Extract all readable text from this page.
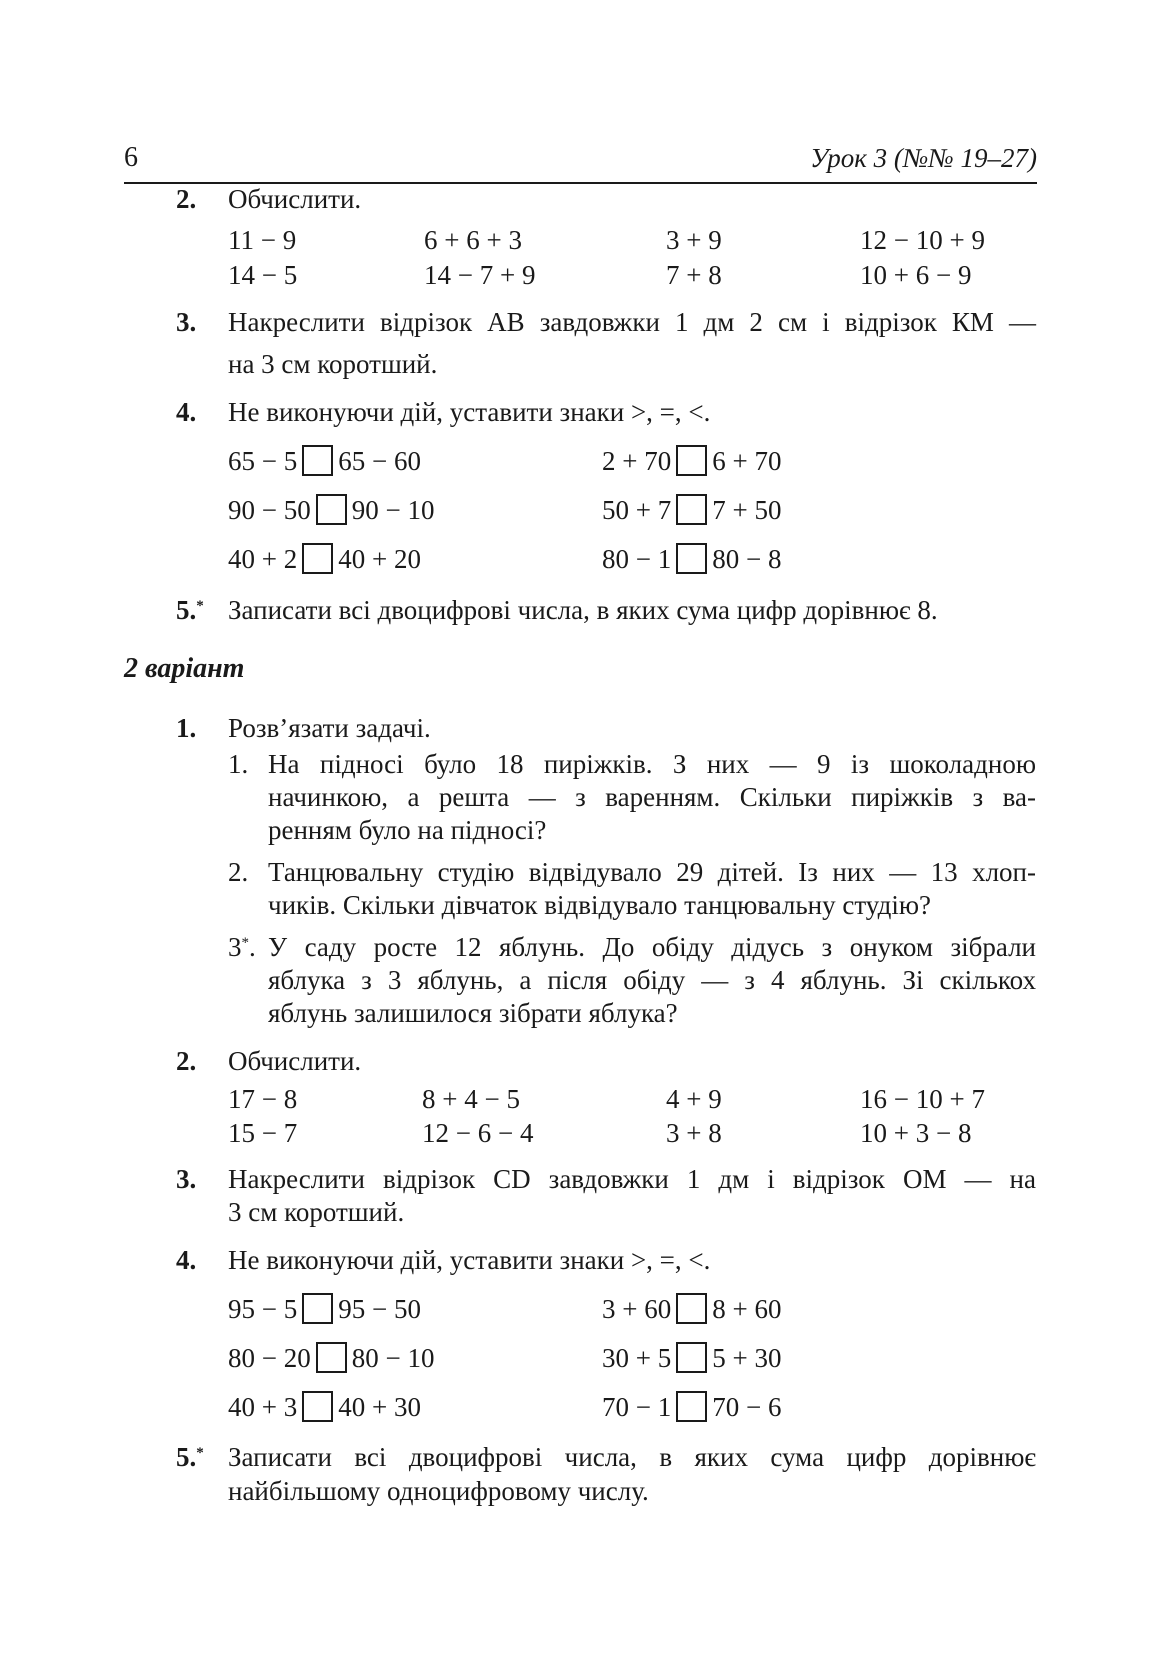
6	Урок 3 (№№ 19–27)
2. Обчислити.
11 − 9	6 + 6 + 3	3 + 9	12 − 10 + 9
14 − 5	14 − 7 + 9	7 + 8	10 + 6 − 9
3. Накреслити відрізок АВ завдовжки 1 дм 2 см і відрізок КМ —
на 3 см коротший.
4. Не виконуючи дій, уставити знаки >, =, <.
65 − 5 65 − 60	2 + 70 6 + 70
90 − 50 90 − 10	50 + 7 7 + 50
40 + 2 40 + 20	80 − 1 80 − 8
5.* Записати всі двоцифрові числа, в яких сума цифр дорівнює 8.
2 варіант
1. Розв’язати задачі.
1. На підносі було 18 пиріжків. З них — 9 із шоколадною
начинкою, а решта — з варенням. Скільки пиріжків з ва-
ренням було на підносі?
2. Танцювальну студію відвідувало 29 дітей. Із них — 13 хлоп-
чиків. Скільки дівчаток відвідувало танцювальну студію?
3*. У саду росте 12 яблунь. До обіду дідусь з онуком зібрали
яблука з 3 яблунь, а після обіду — з 4 яблунь. Зі скількох
яблунь залишилося зібрати яблука?
2. Обчислити.
17 − 8	8 + 4 − 5	4 + 9	16 − 10 + 7
15 − 7	12 − 6 − 4	3 + 8	10 + 3 − 8
3. Накреслити відрізок CD завдовжки 1 дм і відрізок ОМ — на
3 см коротший.
4. Не виконуючи дій, уставити знаки >, =, <.
95 − 5 95 − 50	3 + 60 8 + 60
80 − 20 80 − 10	30 + 5 5 + 30
40 + 3 40 + 30	70 − 1 70 − 6
5.* Записати всі двоцифрові числа, в яких сума цифр дорівнює
найбільшому одноцифровому числу.
